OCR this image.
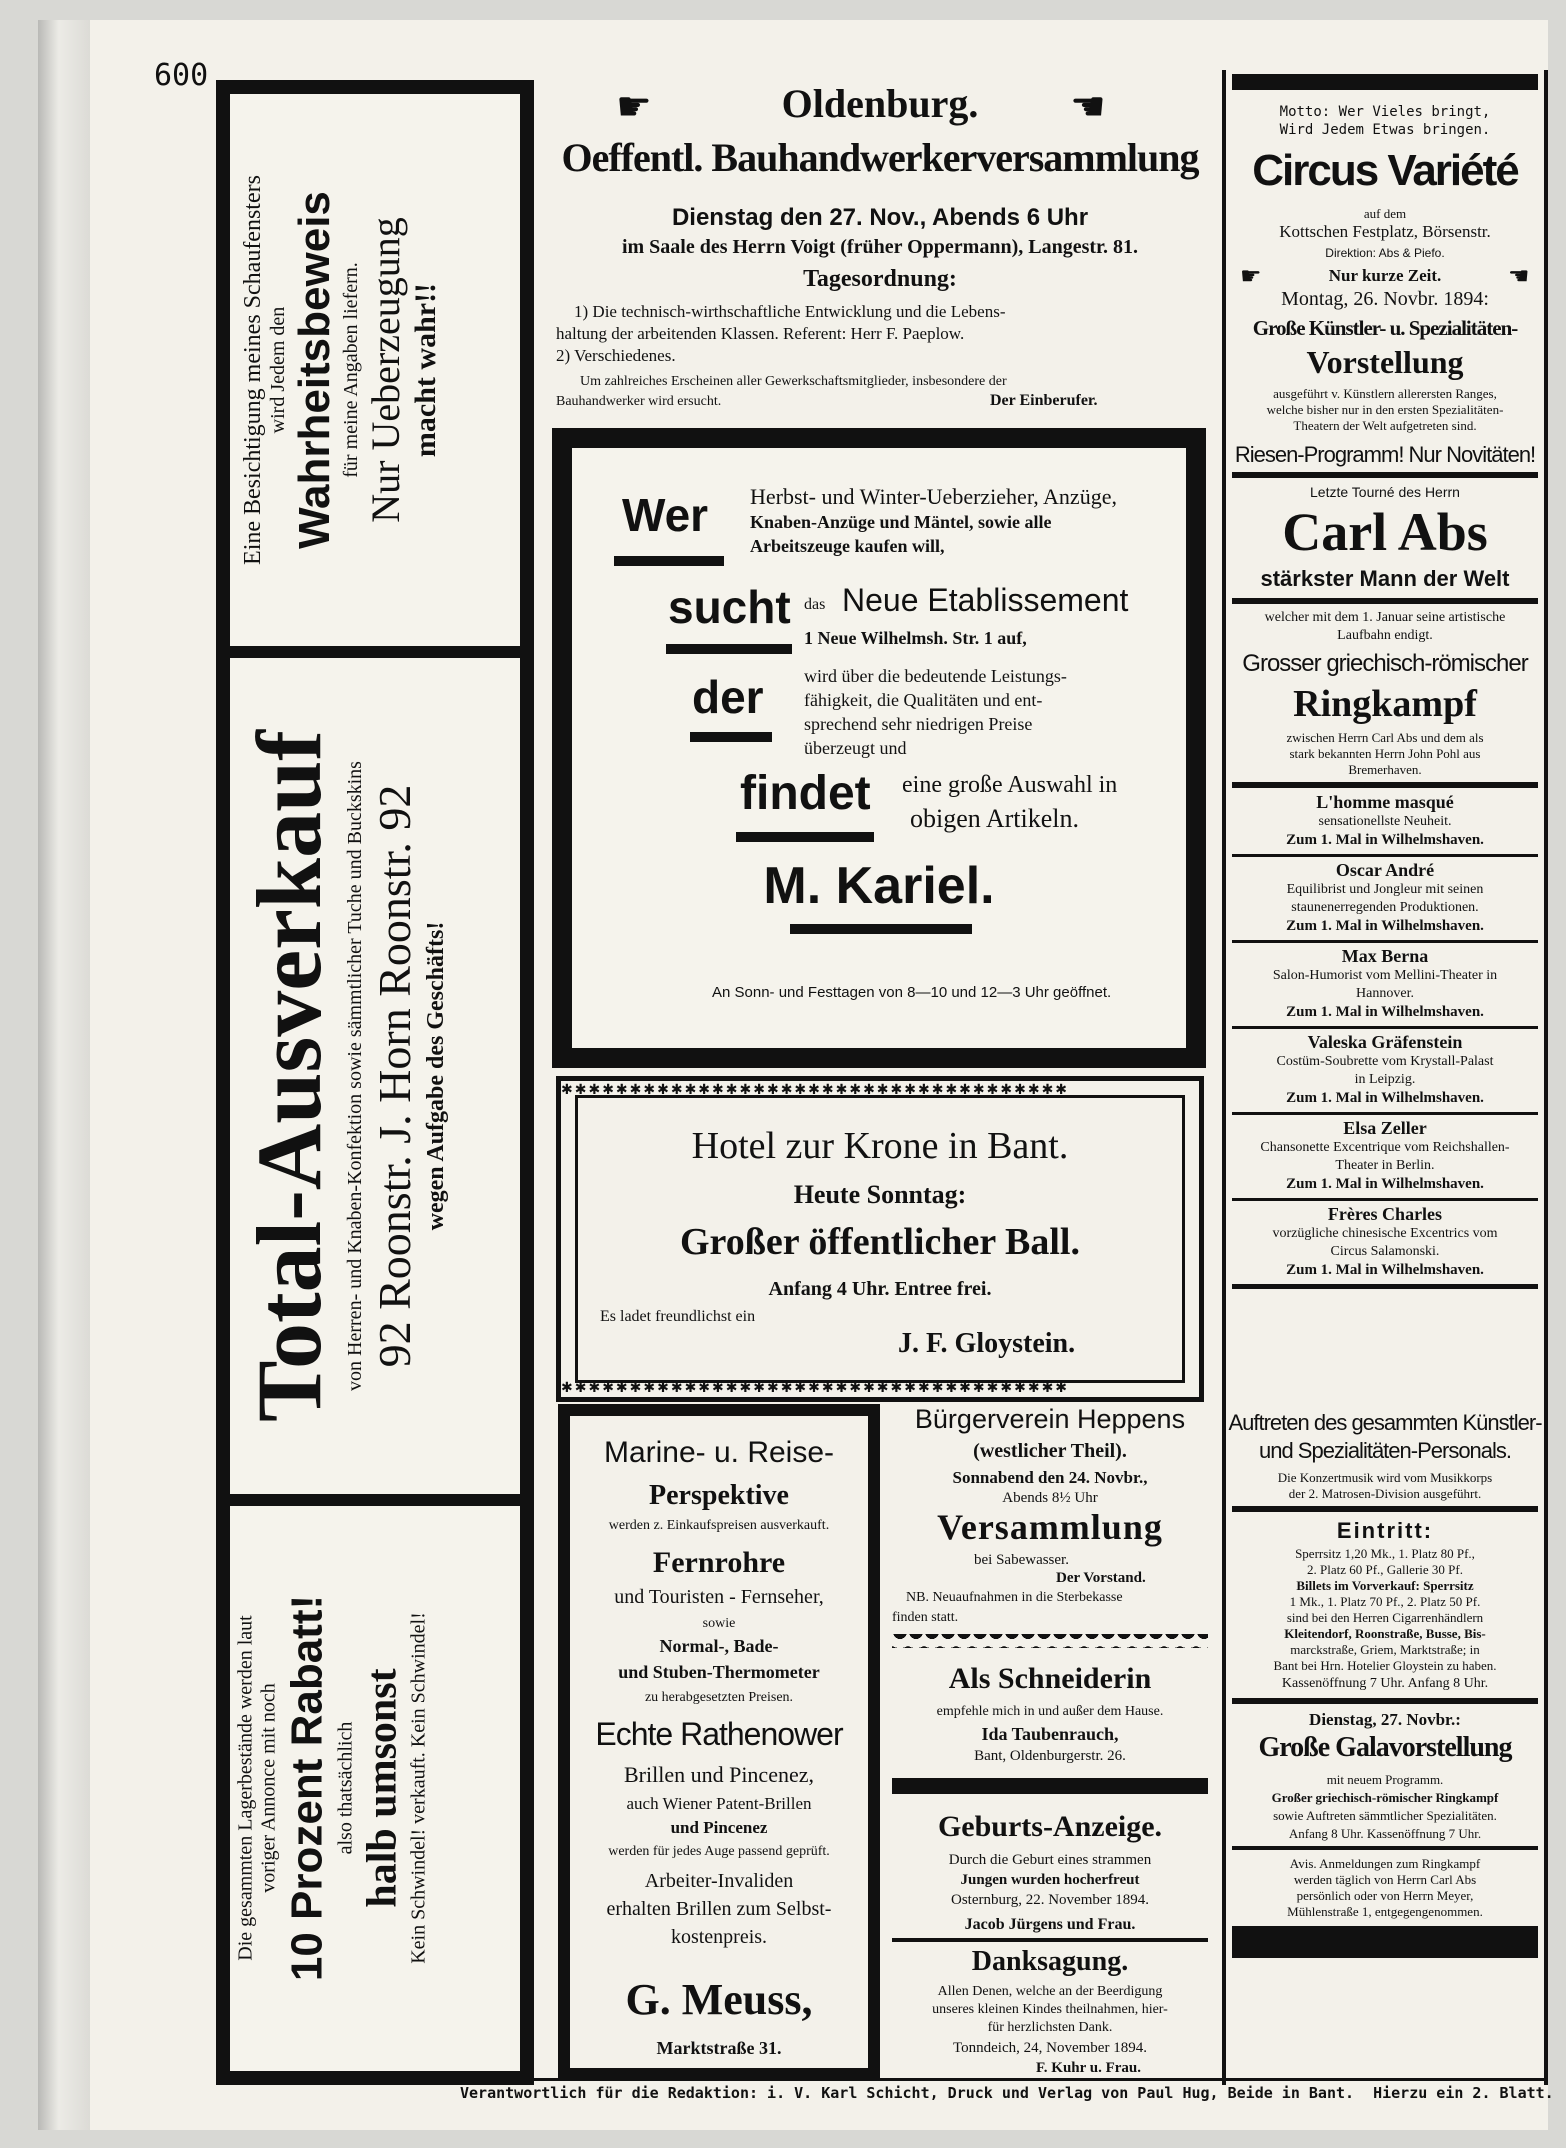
600
Eine Besichtigung meines Schaufensters wird Jedem den Wahrheitsbeweis für meine Angaben liefern. Nur Ueberzeugung macht wahr!!
Total-Ausverkauf von Herren- und Knaben-Konfektion sowie sämmtlicher Tuche und Buckskins 92 Roonstr. J. Horn Roonstr. 92 wegen Aufgabe des Geschäfts!
Die gesammten Lagerbestände werden laut voriger Annonce mit noch 10 Prozent Rabatt! also thatsächlich halb umsonst Kein Schwindel! verkauft. Kein Schwindel!
☛	☛
Oldenburg.
Oeffentl. Bauhandwerkerversammlung
Dienstag den 27. Nov., Abends 6 Uhr
im Saale des Herrn Voigt (früher Oppermann), Langestr. 81.
Tagesordnung:
1) Die technisch-wirthschaftliche Entwicklung und die Lebens-
haltung der arbeitenden Klassen. Referent: Herr F. Paeplow.
2) Verschiedenes.
Um zahlreiches Erscheinen aller Gewerkschaftsmitglieder, insbesondere der
Bauhandwerker wird ersucht.	Der Einberufer.
Wer Herbst- und Winter-Ueberzieher, Anzüge,
Knaben-Anzüge und Mäntel, sowie alle
Arbeitszeuge kaufen will,
sucht das Neue Etablissement
1 Neue Wilhelmsh. Str. 1 auf,
der wird über die bedeutende Leistungs-
fähigkeit, die Qualitäten und ent-
sprechend sehr niedrigen Preise
überzeugt und
findet eine große Auswahl in
obigen Artikeln.
M. Kariel.
An Sonn- und Festtagen von 8—10 und 12—3 Uhr geöffnet.
✱✱✱✱✱✱✱✱✱✱✱✱✱✱✱✱✱✱✱✱✱✱✱✱✱✱✱✱✱✱✱✱✱✱✱✱✱
✱✱✱✱✱✱✱✱✱✱✱✱✱✱✱✱✱✱✱✱✱✱✱✱✱✱✱✱✱✱✱✱✱✱✱✱✱
Hotel zur Krone in Bant.
Heute Sonntag:
Großer öffentlicher Ball.
Anfang 4 Uhr. Entree frei.
Es ladet freundlichst ein
J. F. Gloystein.
Marine- u. Reise-
Perspektive
werden z. Einkaufspreisen ausverkauft.
Fernrohre
und Touristen - Fernseher,
sowie
Normal-, Bade-
und Stuben-Thermometer
zu herabgesetzten Preisen.
Echte Rathenower
Brillen und Pincenez,
auch Wiener Patent-Brillen
und Pincenez
werden für jedes Auge passend geprüft.
Arbeiter-Invaliden
erhalten Brillen zum Selbst-
kostenpreis.
G. Meuss,
Marktstraße 31.
Bürgerverein Heppens
(westlicher Theil).
Sonnabend den 24. Novbr.,
Abends 8½ Uhr
Versammlung
bei Sabewasser.
Der Vorstand.
NB. Neuaufnahmen in die Sterbekasse
finden statt.
Als Schneiderin
empfehle mich in und außer dem Hause.
Ida Taubenrauch,
Bant, Oldenburgerstr. 26.
Geburts-Anzeige.
Durch die Geburt eines strammen
Jungen wurden hocherfreut
Osternburg, 22. November 1894.
Jacob Jürgens und Frau.
Danksagung.
Allen Denen, welche an der Beerdigung
unseres kleinen Kindes theilnahmen, hier-
für herzlichsten Dank.
Tonndeich, 24, November 1894.
F. Kuhr u. Frau.
Motto: Wer Vieles bringt,
Wird Jedem Etwas bringen.
Circus Variété
auf dem
Kottschen Festplatz, Börsenstr.
Direktion: Abs & Piefo.
☛	☛
Nur kurze Zeit.
Montag, 26. Novbr. 1894:
Große Künstler- u. Spezialitäten-
Vorstellung
ausgeführt v. Künstlern allerersten Ranges,
welche bisher nur in den ersten Spezialitäten-
Theatern der Welt aufgetreten sind.
Riesen-Programm! Nur Novitäten!
Letzte Tourné des Herrn
Carl Abs
stärkster Mann der Welt
welcher mit dem 1. Januar seine artistische
Laufbahn endigt.
Grosser griechisch-römischer
Ringkampf
zwischen Herrn Carl Abs und dem als
stark bekannten Herrn John Pohl aus
Bremerhaven.
L'homme masqué
sensationellste Neuheit.
Zum 1. Mal in Wilhelmshaven.
Oscar André
Equilibrist und Jongleur mit seinen
staunenerregenden Produktionen.
Zum 1. Mal in Wilhelmshaven.
Max Berna
Salon-Humorist vom Mellini-Theater in
Hannover.
Zum 1. Mal in Wilhelmshaven.
Valeska Gräfenstein
Costüm-Soubrette vom Krystall-Palast
in Leipzig.
Zum 1. Mal in Wilhelmshaven.
Elsa Zeller
Chansonette Excentrique vom Reichshallen-
Theater in Berlin.
Zum 1. Mal in Wilhelmshaven.
Frères Charles
vorzügliche chinesische Excentrics vom
Circus Salamonski.
Zum 1. Mal in Wilhelmshaven.
Auftreten des gesammten Künstler-
und Spezialitäten-Personals.
Die Konzertmusik wird vom Musikkorps
der 2. Matrosen-Division ausgeführt.
Eintritt:
Sperrsitz 1,20 Mk., 1. Platz 80 Pf.,
2. Platz 60 Pf., Gallerie 30 Pf.
Billets im Vorverkauf: Sperrsitz
1 Mk., 1. Platz 70 Pf., 2. Platz 50 Pf.
sind bei den Herren Cigarrenhändlern
Kleitendorf, Roonstraße, Busse, Bis-
marckstraße, Griem, Marktstraße; in
Bant bei Hrn. Hotelier Gloystein zu haben.
Kassenöffnung 7 Uhr. Anfang 8 Uhr.
Dienstag, 27. Novbr.:
Große Galavorstellung
mit neuem Programm.
Großer griechisch-römischer Ringkampf
sowie Auftreten sämmtlicher Spezialitäten.
Anfang 8 Uhr. Kassenöffnung 7 Uhr.
Avis. Anmeldungen zum Ringkampf
werden täglich von Herrn Carl Abs
persönlich oder von Herrn Meyer,
Mühlenstraße 1, entgegengenommen.
Verantwortlich für die Redaktion: i. V. Karl Schicht, Druck und Verlag von Paul Hug, Beide in Bant. Hierzu ein 2. Blatt.
